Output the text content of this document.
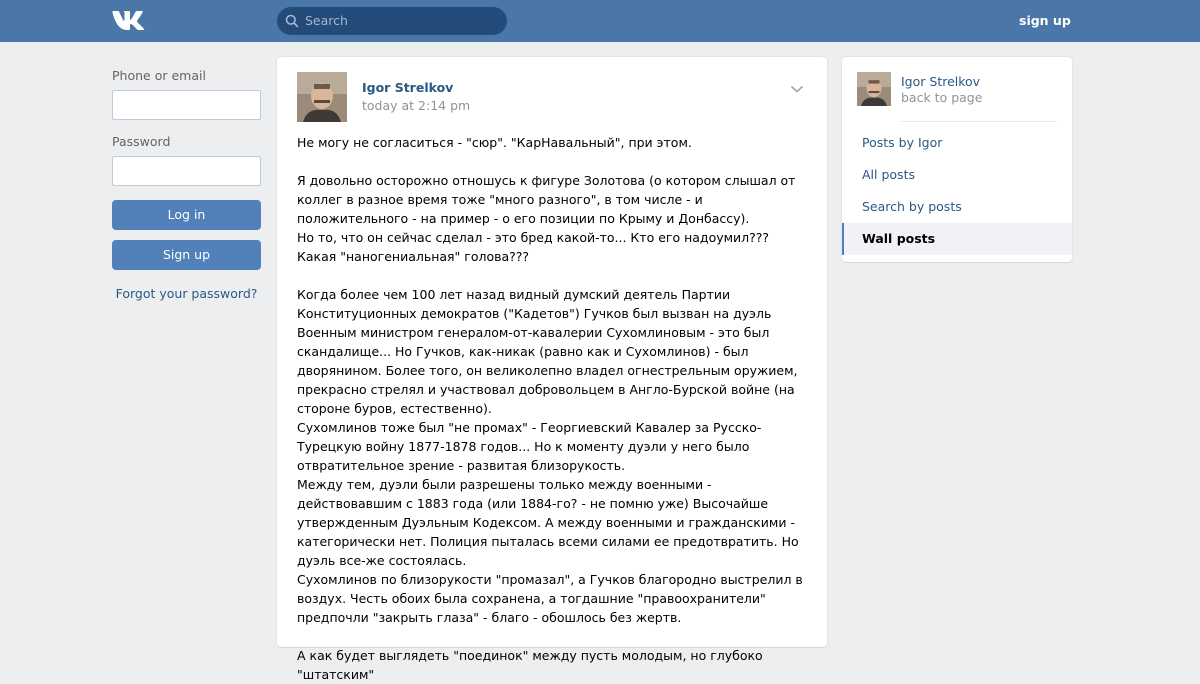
Search	sign up
Phone or email
Password
Log in
Sign up
Forgot your password?
Igor Strelkov
today at 2:14 pm

Не могу не согласиться - "сюр". "КарНавальный", при этом.

Я довольно осторожно отношусь к фигуре Золотова (о котором слышал от коллег в разное время тоже "много разного", в том числе - и положительного - на пример - о его позиции по Крыму и Донбассу).
Но то, что он сейчас сделал - это бред какой-то... Кто его надоумил??? Какая "наногениальная" голова???

Когда более чем 100 лет назад видный думский деятель Партии Конституционных демократов ("Кадетов") Гучков был вызван на дуэль Военным министром генералом-от-кавалерии Сухомлиновым - это был скандалище... Но Гучков, как-никак (равно как и Сухомлинов) - был дворянином. Более того, он великолепно владел огнестрельным оружием, прекрасно стрелял и участвовал добровольцем в Англо-Бурской войне (на стороне буров, естественно).
Сухомлинов тоже был "не промах" - Георгиевский Кавалер за Русско-Турецкую войну 1877-1878 годов... Но к моменту дуэли у него было отвратительное зрение - развитая близорукость.
Между тем, дуэли были разрешены только между военными - действовавшим с 1883 года (или 1884-го? - не помню уже) Высочайше утвержденным Дуэльным Кодексом. А между военными и гражданскими - категорически нет. Полиция пыталась всеми силами ее предотвратить. Но дуэль все-же состоялась.
Сухомлинов по близорукости "промазал", а Гучков благородно выстрелил в воздух. Честь обоих была сохранена, а тогдашние "правоохранители" предпочли "закрыть глаза" - благо - обошлось без жертв.

А как будет выглядеть "поединок" между пусть молодым, но глубоко "штатским"

Igor Strelkov
back to page
Posts by Igor
All posts
Search by posts
Wall posts
